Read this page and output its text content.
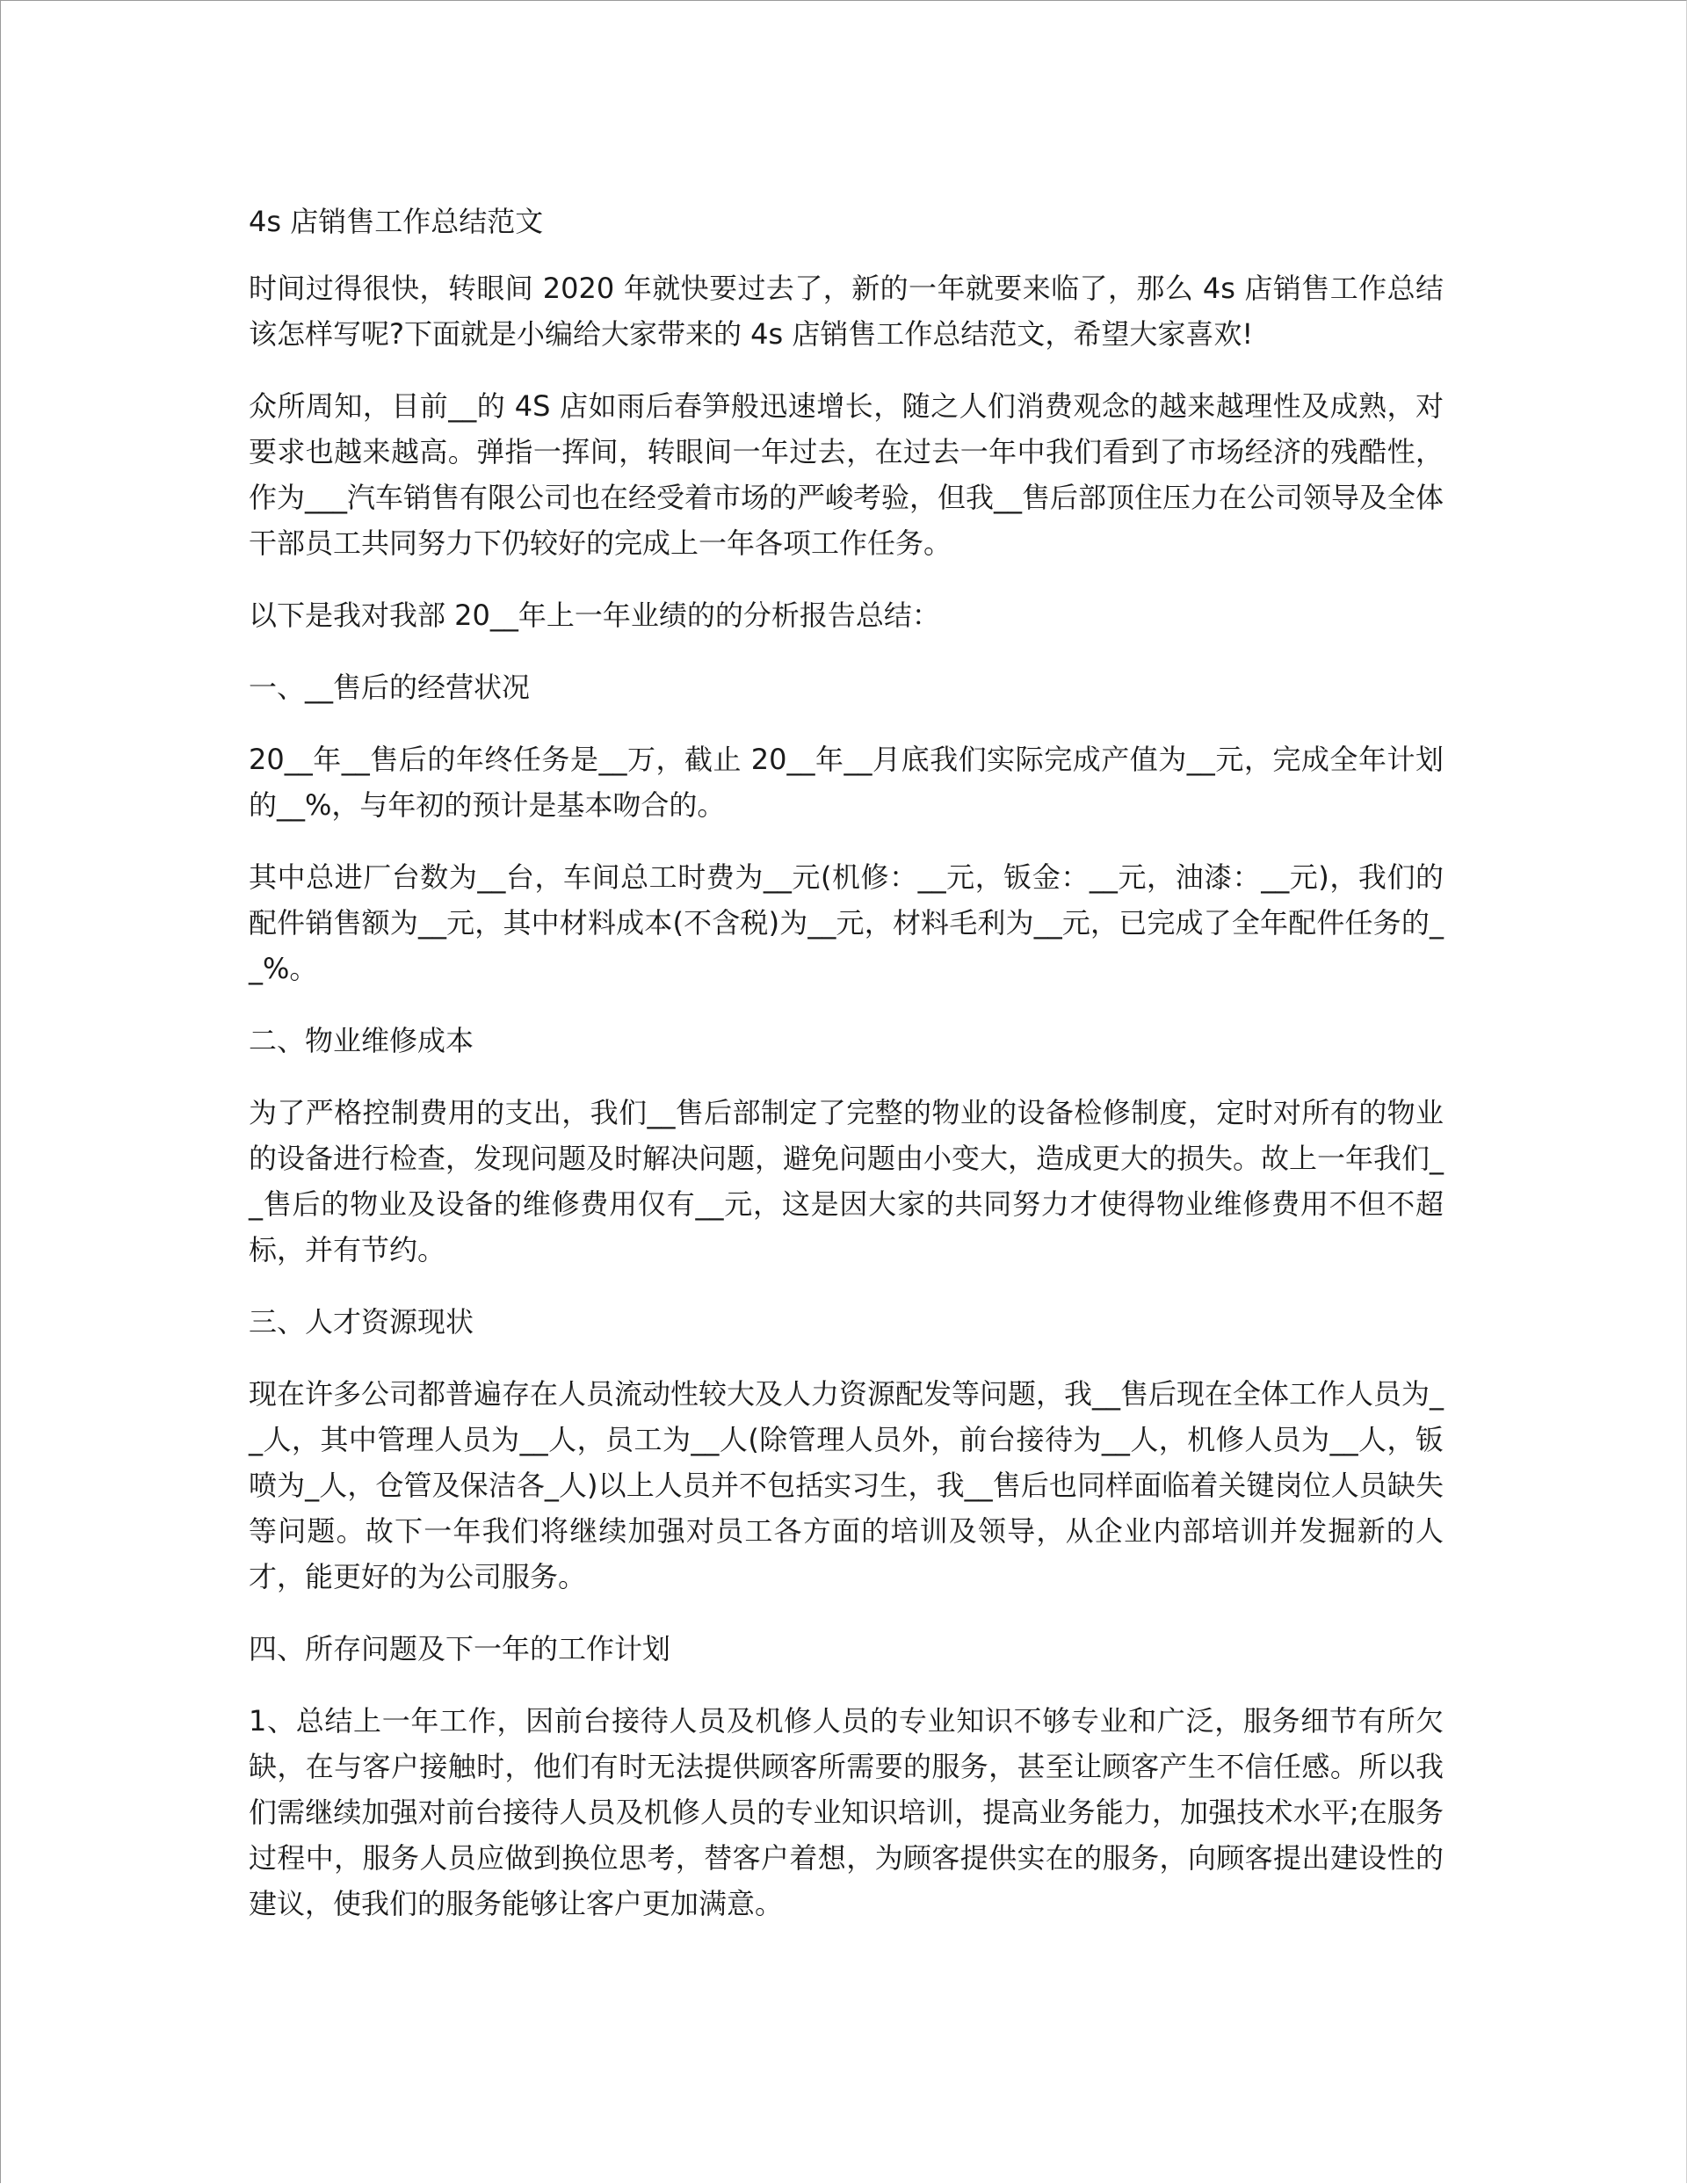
4s 店销售工作总结范文

时间过得很快，转眼间 2020 年就快要过去了，新的一年就要来临了，那么 4s 店销售工作总结该怎样写呢?下面就是小编给大家带来的 4s 店销售工作总结范文，希望大家喜欢!

众所周知，目前__的 4S 店如雨后春笋般迅速增长，随之人们消费观念的越来越理性及成熟，对要求也越来越高。弹指一挥间，转眼间一年过去，在过去一年中我们看到了市场经济的残酷性，作为___汽车销售有限公司也在经受着市场的严峻考验，但我__售后部顶住压力在公司领导及全体干部员工共同努力下仍较好的完成上一年各项工作任务。

以下是我对我部 20__年上一年业绩的的分析报告总结：

一、__售后的经营状况

20__年__售后的年终任务是__万，截止 20__年__月底我们实际完成产值为__元，完成全年计划的__%，与年初的预计是基本吻合的。

其中总进厂台数为__台，车间总工时费为__元(机修：__元，钣金：__元，油漆：__元)，我们的配件销售额为__元，其中材料成本(不含税)为__元，材料毛利为__元，已完成了全年配件任务的__%。

二、物业维修成本

为了严格控制费用的支出，我们__售后部制定了完整的物业的设备检修制度，定时对所有的物业的设备进行检查，发现问题及时解决问题，避免问题由小变大，造成更大的损失。故上一年我们__售后的物业及设备的维修费用仅有__元，这是因大家的共同努力才使得物业维修费用不但不超标，并有节约。

三、人才资源现状

现在许多公司都普遍存在人员流动性较大及人力资源配发等问题，我__售后现在全体工作人员为__人，其中管理人员为__人，员工为__人(除管理人员外，前台接待为__人，机修人员为__人，钣喷为_人，仓管及保洁各_人)以上人员并不包括实习生，我__售后也同样面临着关键岗位人员缺失等问题。故下一年我们将继续加强对员工各方面的培训及领导，从企业内部培训并发掘新的人才，能更好的为公司服务。

四、所存问题及下一年的工作计划

1、总结上一年工作，因前台接待人员及机修人员的专业知识不够专业和广泛，服务细节有所欠缺，在与客户接触时，他们有时无法提供顾客所需要的服务，甚至让顾客产生不信任感。所以我们需继续加强对前台接待人员及机修人员的专业知识培训，提高业务能力，加强技术水平;在服务过程中，服务人员应做到换位思考，替客户着想，为顾客提供实在的服务，向顾客提出建设性的建议，使我们的服务能够让客户更加满意。
